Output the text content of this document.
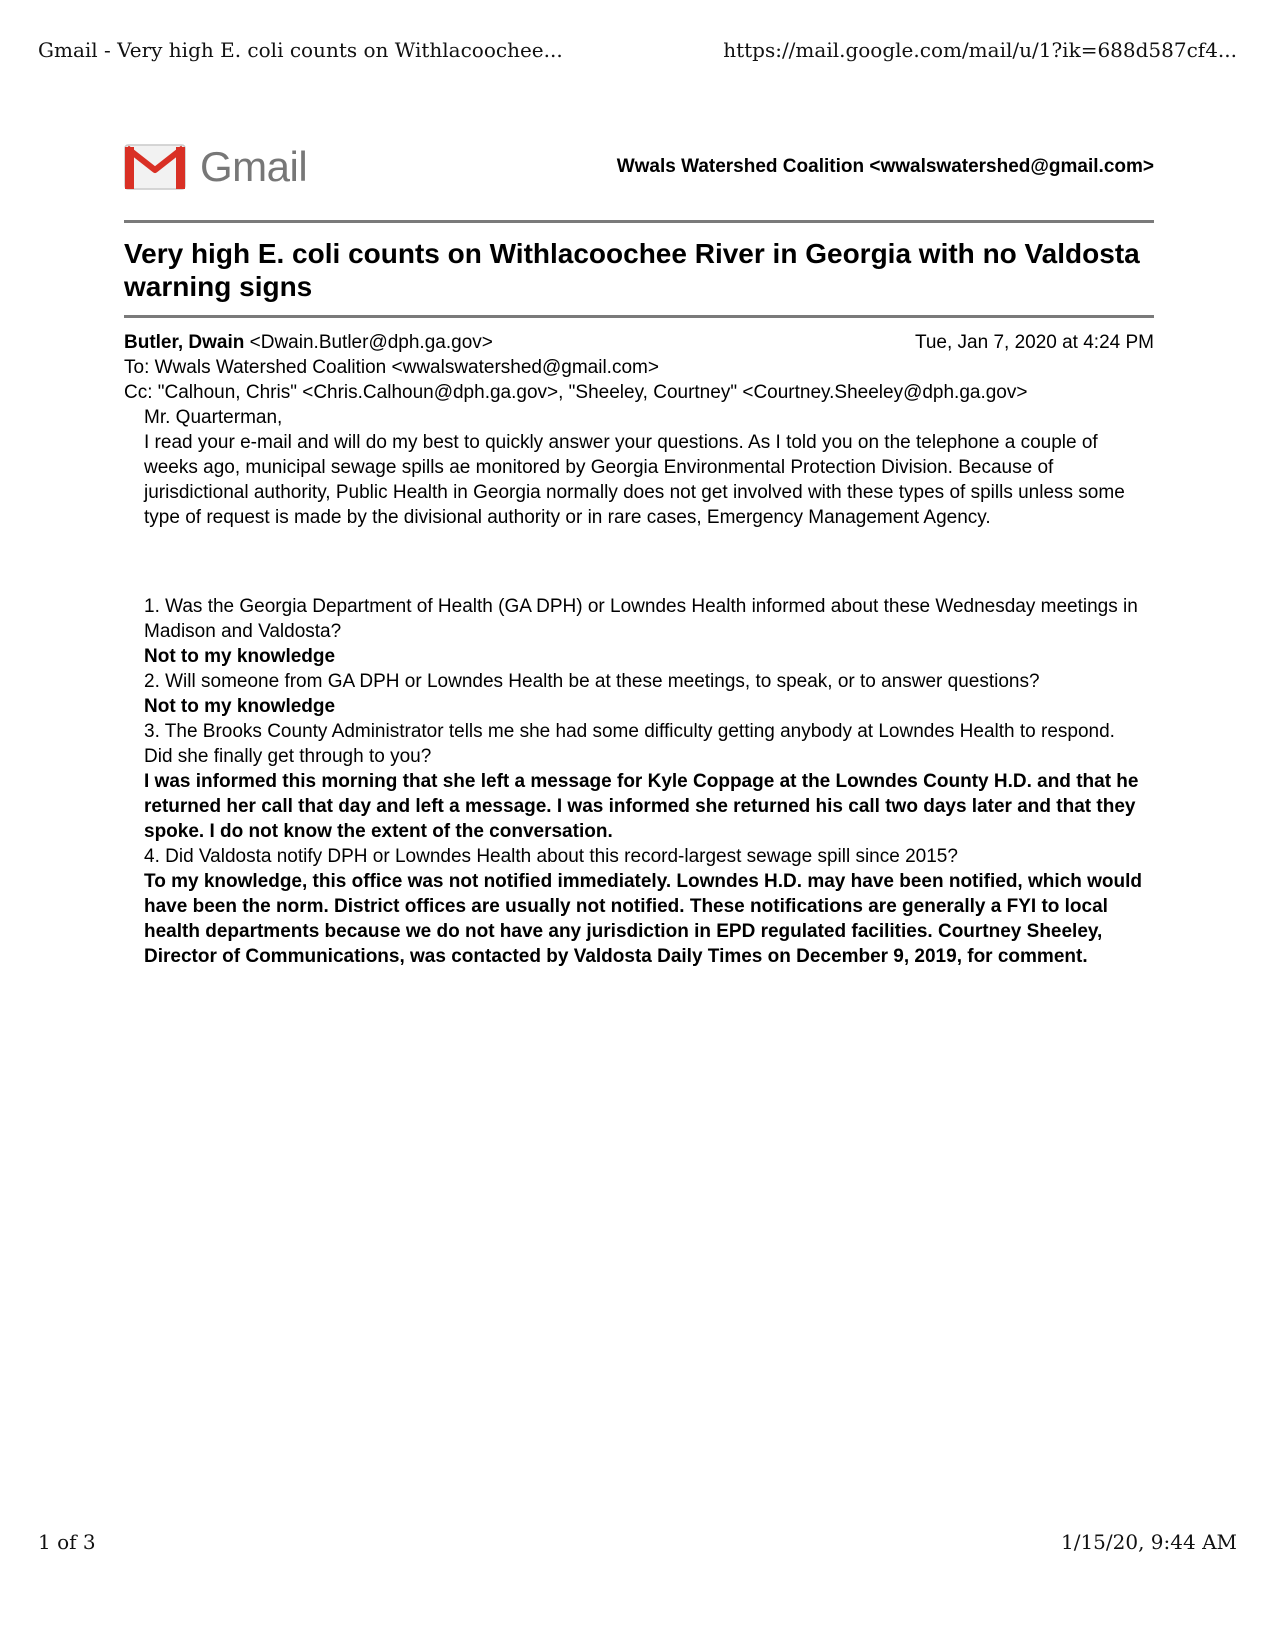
Gmail - Very high E. coli counts on Withlacoochee...	https://mail.google.com/mail/u/1?ik=688d587cf4...
Gmail	Wwals Watershed Coalition <wwalswatershed@gmail.com>
Very high E. coli counts on Withlacoochee River in Georgia with no Valdosta warning signs
Butler, Dwain <Dwain.Butler@dph.ga.gov>	Tue, Jan 7, 2020 at 4:24 PM
To: Wwals Watershed Coalition <wwalswatershed@gmail.com>
Cc: "Calhoun, Chris" <Chris.Calhoun@dph.ga.gov>, "Sheeley, Courtney" <Courtney.Sheeley@dph.ga.gov>

Mr. Quarterman,

I read your e-mail and will do my best to quickly answer your questions. As I told you on the telephone a couple of weeks ago, municipal sewage spills ae monitored by Georgia Environmental Protection Division. Because of jurisdictional authority, Public Health in Georgia normally does not get involved with these types of spills unless some type of request is made by the divisional authority or in rare cases, Emergency Management Agency.

1. Was the Georgia Department of Health (GA DPH) or Lowndes Health informed about these Wednesday meetings in Madison and Valdosta?

Not to my knowledge

2. Will someone from GA DPH or Lowndes Health be at these meetings, to speak, or to answer questions?

Not to my knowledge

3. The Brooks County Administrator tells me she had some difficulty getting anybody at Lowndes Health to respond. Did she finally get through to you?

I was informed this morning that she left a message for Kyle Coppage at the Lowndes County H.D. and that he returned her call that day and left a message. I was informed she returned his call two days later and that they spoke. I do not know the extent of the conversation.

4. Did Valdosta notify DPH or Lowndes Health about this record-largest sewage spill since 2015?

To my knowledge, this office was not notified immediately. Lowndes H.D. may have been notified, which would have been the norm. District offices are usually not notified. These notifications are generally a FYI to local health departments because we do not have any jurisdiction in EPD regulated facilities. Courtney Sheeley, Director of Communications, was contacted by Valdosta Daily Times on December 9, 2019, for comment.

1 of 3	1/15/20, 9:44 AM
